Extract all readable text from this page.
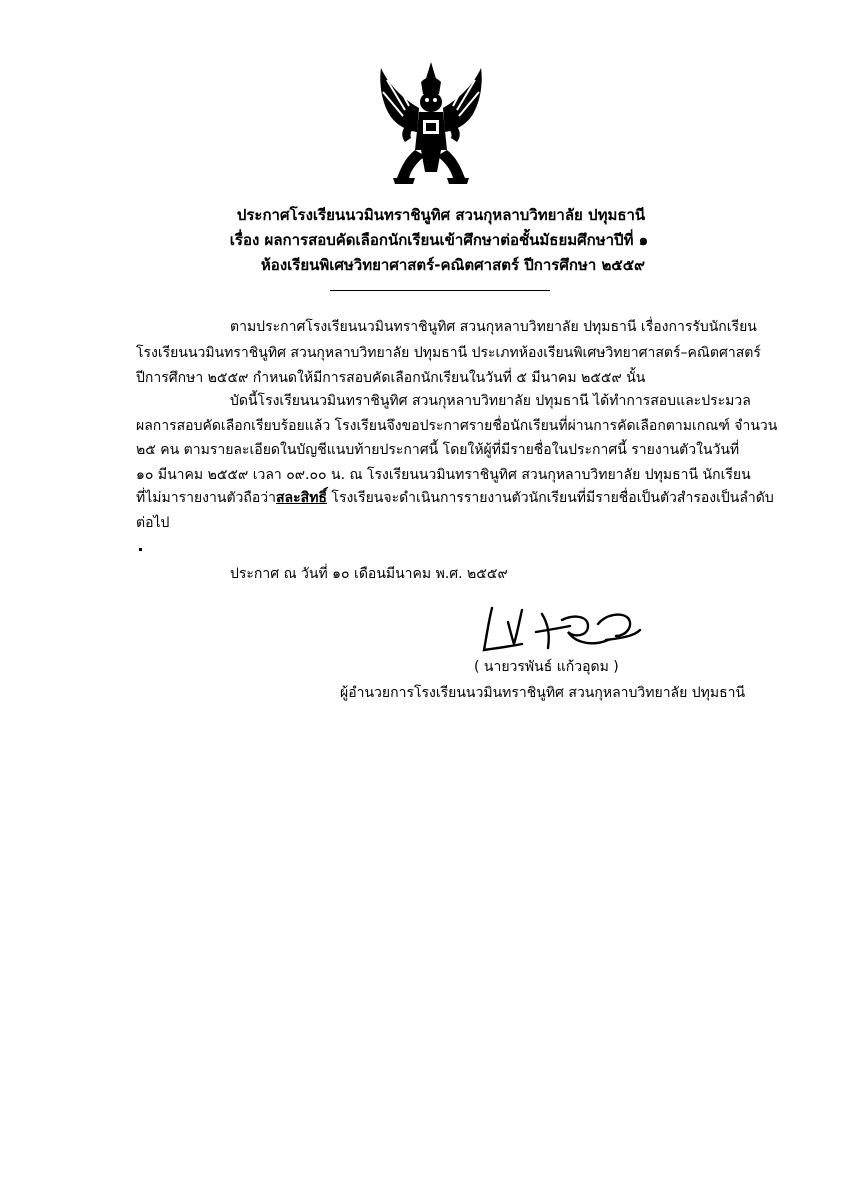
ประกาศโรงเรียนนวมินทราชินูทิศ สวนกุหลาบวิทยาลัย ปทุมธานี
เรื่อง ผลการสอบคัดเลือกนักเรียนเข้าศึกษาต่อชั้นมัธยมศึกษาปีที่ ๑
ห้องเรียนพิเศษวิทยาศาสตร์-คณิตศาสตร์ ปีการศึกษา ๒๕๕๙
ตามประกาศโรงเรียนนวมินทราชินูทิศ สวนกุหลาบวิทยาลัย ปทุมธานี เรื่องการรับนักเรียน
โรงเรียนนวมินทราชินูทิศ สวนกุหลาบวิทยาลัย ปทุมธานี ประเภทห้องเรียนพิเศษวิทยาศาสตร์–คณิตศาสตร์
ปีการศึกษา ๒๕๕๙ กำหนดให้มีการสอบคัดเลือกนักเรียนในวันที่ ๕ มีนาคม ๒๕๕๙ นั้น
บัดนี้โรงเรียนนวมินทราชินูทิศ สวนกุหลาบวิทยาลัย ปทุมธานี ได้ทำการสอบและประมวล
ผลการสอบคัดเลือกเรียบร้อยแล้ว โรงเรียนจึงขอประกาศรายชื่อนักเรียนที่ผ่านการคัดเลือกตามเกณฑ์ จำนวน
๒๕ คน ตามรายละเอียดในบัญชีแนบท้ายประกาศนี้ โดยให้ผู้ที่มีรายชื่อในประกาศนี้ รายงานตัวในวันที่
๑๐ มีนาคม ๒๕๕๙ เวลา ๐๙.๐๐ น. ณ โรงเรียนนวมินทราชินูทิศ สวนกุหลาบวิทยาลัย ปทุมธานี นักเรียน
ที่ไม่มารายงานตัวถือว่าสละสิทธิ์ โรงเรียนจะดำเนินการรายงานตัวนักเรียนที่มีรายชื่อเป็นตัวสำรองเป็นลำดับ
ต่อไป
ประกาศ ณ วันที่ ๑๐ เดือนมีนาคม พ.ศ. ๒๕๕๙
( นายวรพันธ์ แก้วอุดม )
ผู้อำนวยการโรงเรียนนวมินทราชินูทิศ สวนกุหลาบวิทยาลัย ปทุมธานี
